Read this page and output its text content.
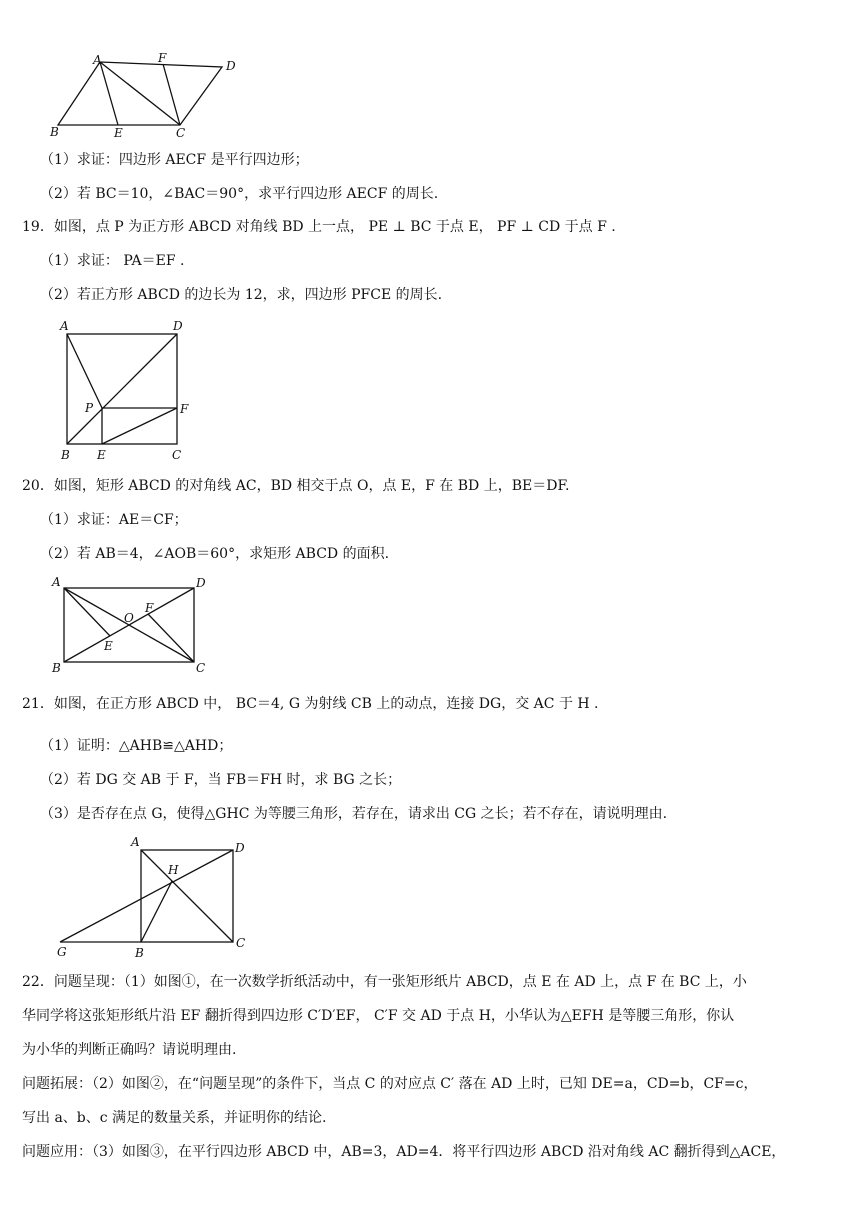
A	F
D
B	E	C
（1）求证：四边形 AECF 是平行四边形；
（2）若 BC＝10，∠BAC＝90°，求平行四边形 AECF 的周长.
19．如图，点 P 为正方形 ABCD 对角线 BD 上一点， PE ⊥ BC 于点 E， PF ⊥ CD 于点 F .
（1）求证： PA＝EF .
（2）若正方形 ABCD 的边长为 12，求，四边形 PFCE 的周长.
A	D
P	F
B E	C
20．如图，矩形 ABCD 的对角线 AC，BD 相交于点 O，点 E，F 在 BD 上，BE＝DF.
（1）求证：AE＝CF；
（2）若 AB＝4，∠AOB＝60°，求矩形 ABCD 的面积.
A	D
O
F
E
B	C
21．如图，在正方形 ABCD 中， BC＝4, G 为射线 CB 上的动点，连接 DG，交 AC 于 H .
（1）证明：△AHB≌△AHD；
（2）若 DG 交 AB 于 F，当 FB＝FH 时，求 BG 之长；
（3）是否存在点 G，使得△GHC 为等腰三角形，若存在，请求出 CG 之长；若不存在，请说明理由.
A	D
H
G	B
C
22．问题呈现：（1）如图①，在一次数学折纸活动中，有一张矩形纸片 ABCD，点 E 在 AD 上，点 F 在 BC 上，小
华同学将这张矩形纸片沿 EF 翻折得到四边形 C′D′EF， C′F 交 AD 于点 H，小华认为△EFH 是等腰三角形，你认
为小华的判断正确吗？请说明理由.
问题拓展：（2）如图②，在“问题呈现”的条件下，当点 C 的对应点 C′ 落在 AD 上时，已知 DE=a，CD=b，CF=c，
写出 a、b、c 满足的数量关系，并证明你的结论.
问题应用：（3）如图③，在平行四边形 ABCD 中，AB=3，AD=4．将平行四边形 ABCD 沿对角线 AC 翻折得到△ACE，
